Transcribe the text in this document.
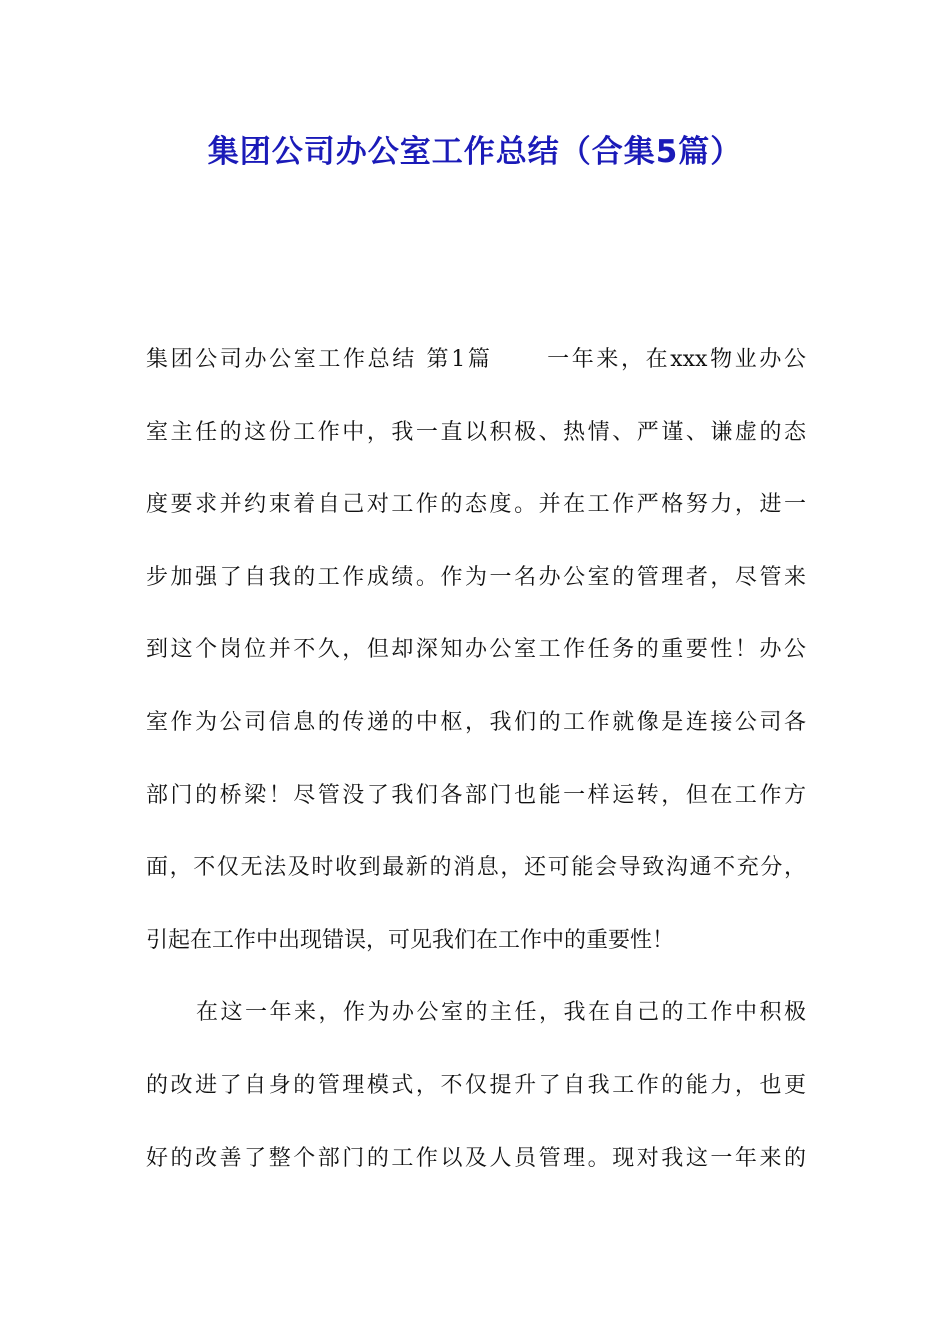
集团公司办公室工作总结（合集5篇）
集团公司办公室工作总结 第1篇 一年来，在xxx物业办公
室主任的这份工作中，我一直以积极、热情、严谨、谦虚的态
度要求并约束着自己对工作的态度。并在工作严格努力，进一
步加强了自我的工作成绩。作为一名办公室的管理者，尽管来
到这个岗位并不久，但却深知办公室工作任务的重要性！办公
室作为公司信息的传递的中枢，我们的工作就像是连接公司各
部门的桥梁！尽管没了我们各部门也能一样运转，但在工作方
面，不仅无法及时收到最新的消息，还可能会导致沟通不充分，
引起在工作中出现错误，可见我们在工作中的重要性！
在这一年来，作为办公室的主任，我在自己的工作中积极
的改进了自身的管理模式，不仅提升了自我工作的能力，也更
好的改善了整个部门的工作以及人员管理。现对我这一年来的
